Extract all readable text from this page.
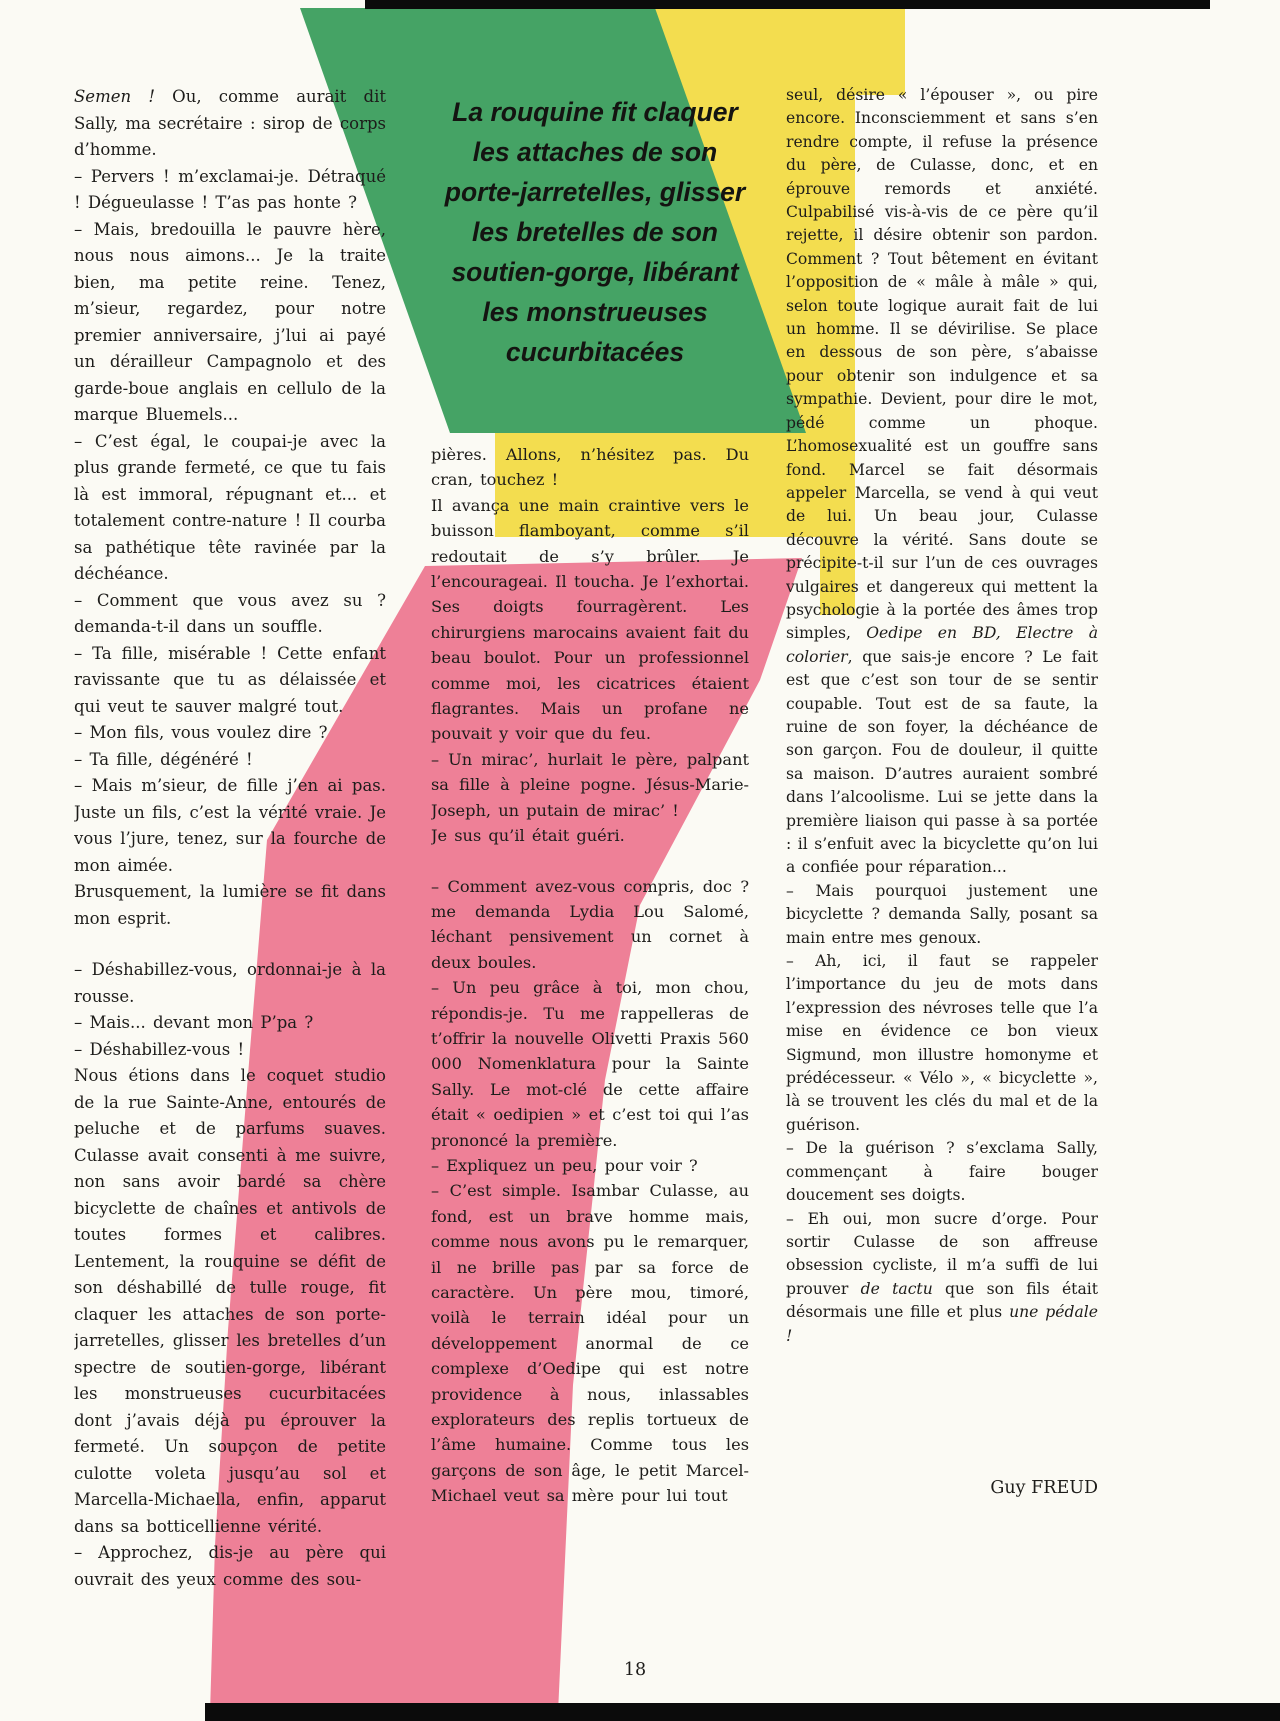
La rouquine fit claquer les attaches de son porte-jarretelles, glisser les bretelles de son soutien-gorge, libérant les monstrueuses cucurbitacées

Semen ! Ou, comme aurait dit Sally, ma secrétaire : sirop de corps d’homme.

– Pervers ! m’exclamai-je. Détraqué ! Dégueulasse ! T’as pas honte ?

– Mais, bredouilla le pauvre hère, nous nous aimons... Je la traite bien, ma petite reine. Tenez, m’sieur, regardez, pour notre premier anniversaire, j’lui ai payé un dérailleur Campagnolo et des garde-boue anglais en cellulo de la marque Bluemels...

– C’est égal, le coupai-je avec la plus grande fermeté, ce que tu fais là est immoral, répugnant et... et totalement contre-nature ! Il courba sa pathétique tête ravinée par la déchéance.

– Comment que vous avez su ? demanda-t-il dans un souffle.

– Ta fille, misérable ! Cette enfant ravissante que tu as délaissée et qui veut te sauver malgré tout.

– Mon fils, vous voulez dire ?

– Ta fille, dégénéré !

– Mais m’sieur, de fille j’en ai pas. Juste un fils, c’est la vérité vraie. Je vous l’jure, tenez, sur la fourche de mon aimée.

Brusquement, la lumière se fit dans mon esprit.

– Déshabillez-vous, ordonnai-je à la rousse.

– Mais... devant mon P’pa ?

– Déshabillez-vous !

Nous étions dans le coquet studio de la rue Sainte-Anne, entourés de peluche et de parfums suaves. Culasse avait consenti à me suivre, non sans avoir bardé sa chère bicyclette de chaînes et antivols de toutes formes et calibres. Lentement, la rouquine se défit de son déshabillé de tulle rouge, fit claquer les attaches de son porte-jarretelles, glisser les bretelles d’un spectre de soutien-gorge, libérant les monstrueuses cucurbitacées dont j’avais déjà pu éprouver la fermeté. Un soupçon de petite culotte voleta jusqu’au sol et Marcella-Michaella, enfin, apparut dans sa botticellienne vérité.

– Approchez, dis-je au père qui ouvrait des yeux comme des sou-

pières. Allons, n’hésitez pas. Du cran, touchez !

Il avança une main craintive vers le buisson flamboyant, comme s’il redoutait de s’y brûler. Je l’encourageai. Il toucha. Je l’exhortai. Ses doigts fourragèrent. Les chirurgiens marocains avaient fait du beau boulot. Pour un professionnel comme moi, les cicatrices étaient flagrantes. Mais un profane ne pouvait y voir que du feu.

– Un mirac’, hurlait le père, palpant sa fille à pleine pogne. Jésus-Marie-Joseph, un putain de mirac’ !

Je sus qu’il était guéri.

– Comment avez-vous compris, doc ? me demanda Lydia Lou Salomé, léchant pensivement un cornet à deux boules.

– Un peu grâce à toi, mon chou, répondis-je. Tu me rappelleras de t’offrir la nouvelle Olivetti Praxis 560 000 Nomenklatura pour la Sainte Sally. Le mot-clé de cette affaire était « oedipien » et c’est toi qui l’as prononcé la première.

– Expliquez un peu, pour voir ?

– C’est simple. Isambar Culasse, au fond, est un brave homme mais, comme nous avons pu le remarquer, il ne brille pas par sa force de caractère. Un père mou, timoré, voilà le terrain idéal pour un développement anormal de ce complexe d’Oedipe qui est notre providence à nous, inlassables explorateurs des replis tortueux de l’âme humaine. Comme tous les garçons de son âge, le petit Marcel-Michael veut sa mère pour lui tout

seul, désire « l’épouser », ou pire encore. Inconsciemment et sans s’en rendre compte, il refuse la présence du père, de Culasse, donc, et en éprouve remords et anxiété. Culpabilisé vis-à-vis de ce père qu’il rejette, il désire obtenir son pardon. Comment ? Tout bêtement en évitant l’opposition de « mâle à mâle » qui, selon toute logique aurait fait de lui un homme. Il se dévirilise. Se place en dessous de son père, s’abaisse pour obtenir son indulgence et sa sympathie. Devient, pour dire le mot, pédé comme un phoque. L’homosexualité est un gouffre sans fond. Marcel se fait désormais appeler Marcella, se vend à qui veut de lui. Un beau jour, Culasse découvre la vérité. Sans doute se précipite-t-il sur l’un de ces ouvrages vulgaires et dangereux qui mettent la psychologie à la portée des âmes trop simples, Oedipe en BD, Electre à colorier, que sais-je encore ? Le fait est que c’est son tour de se sentir coupable. Tout est de sa faute, la ruine de son foyer, la déchéance de son garçon. Fou de douleur, il quitte sa maison. D’autres auraient sombré dans l’alcoolisme. Lui se jette dans la première liaison qui passe à sa portée : il s’enfuit avec la bicyclette qu’on lui a confiée pour réparation...

– Mais pourquoi justement une bicyclette ? demanda Sally, posant sa main entre mes genoux.

– Ah, ici, il faut se rappeler l’importance du jeu de mots dans l’expression des névroses telle que l’a mise en évidence ce bon vieux Sigmund, mon illustre homonyme et prédécesseur. « Vélo », « bicyclette », là se trouvent les clés du mal et de la guérison.

– De la guérison ? s’exclama Sally, commençant à faire bouger doucement ses doigts.

– Eh oui, mon sucre d’orge. Pour sortir Culasse de son affreuse obsession cycliste, il m’a suffi de lui prouver de tactu que son fils était désormais une fille et plus une pédale !

Guy FREUD
18
